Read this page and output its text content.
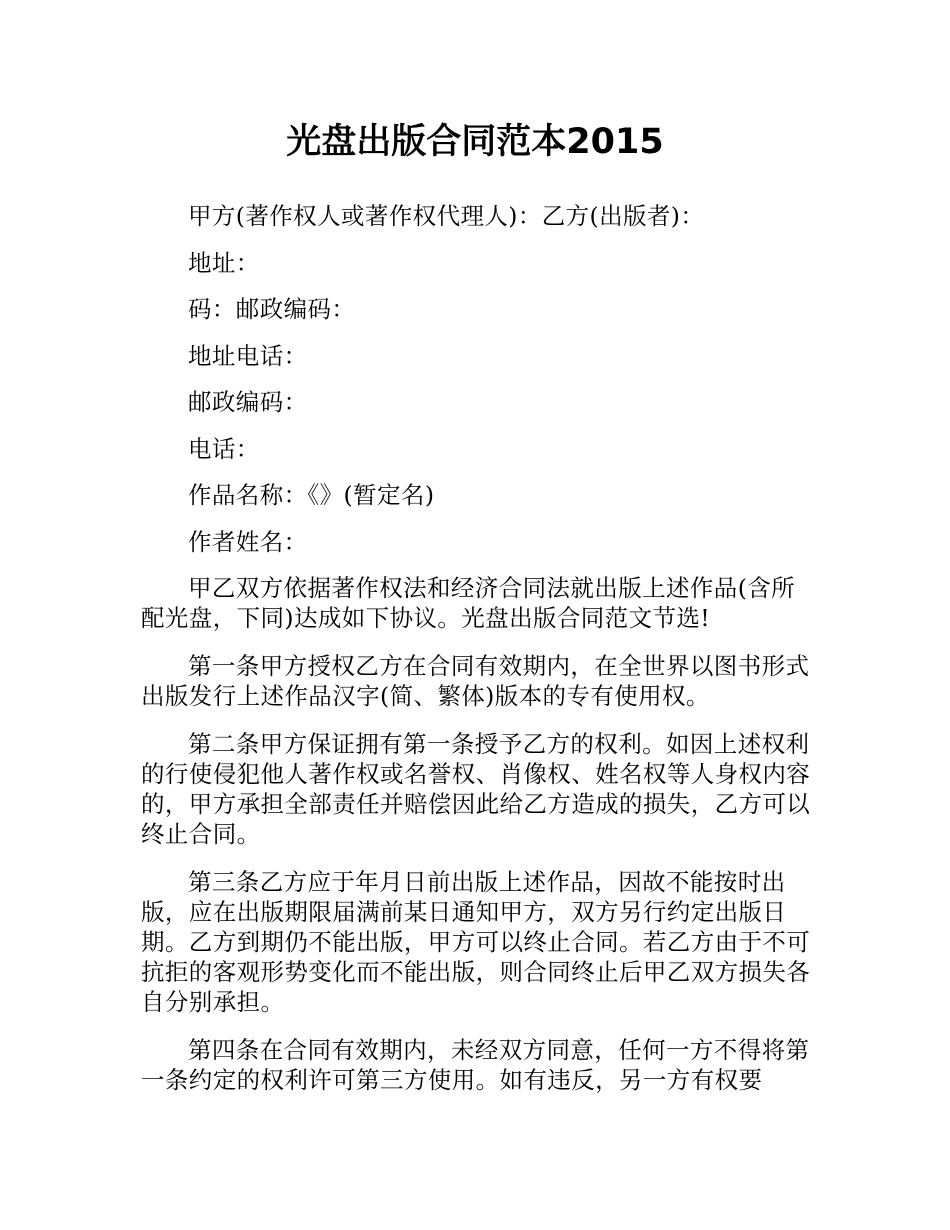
光盘出版合同范本2015

甲方(著作权人或著作权代理人)：乙方(出版者)：

地址：

码：邮政编码：

地址电话：

邮政编码：

电话：

作品名称：《》(暂定名)

作者姓名：

甲乙双方依据著作权法和经济合同法就出版上述作品(含所配光盘，下同)达成如下协议。光盘出版合同范文节选!

第一条甲方授权乙方在合同有效期内，在全世界以图书形式出版发行上述作品汉字(简、繁体)版本的专有使用权。

第二条甲方保证拥有第一条授予乙方的权利。如因上述权利的行使侵犯他人著作权或名誉权、肖像权、姓名权等人身权内容的，甲方承担全部责任并赔偿因此给乙方造成的损失，乙方可以终止合同。

第三条乙方应于年月日前出版上述作品，因故不能按时出版，应在出版期限届满前某日通知甲方，双方另行约定出版日期。乙方到期仍不能出版，甲方可以终止合同。若乙方由于不可抗拒的客观形势变化而不能出版，则合同终止后甲乙双方损失各自分别承担。

第四条在合同有效期内，未经双方同意，任何一方不得将第一条约定的权利许可第三方使用。如有违反，另一方有权要
